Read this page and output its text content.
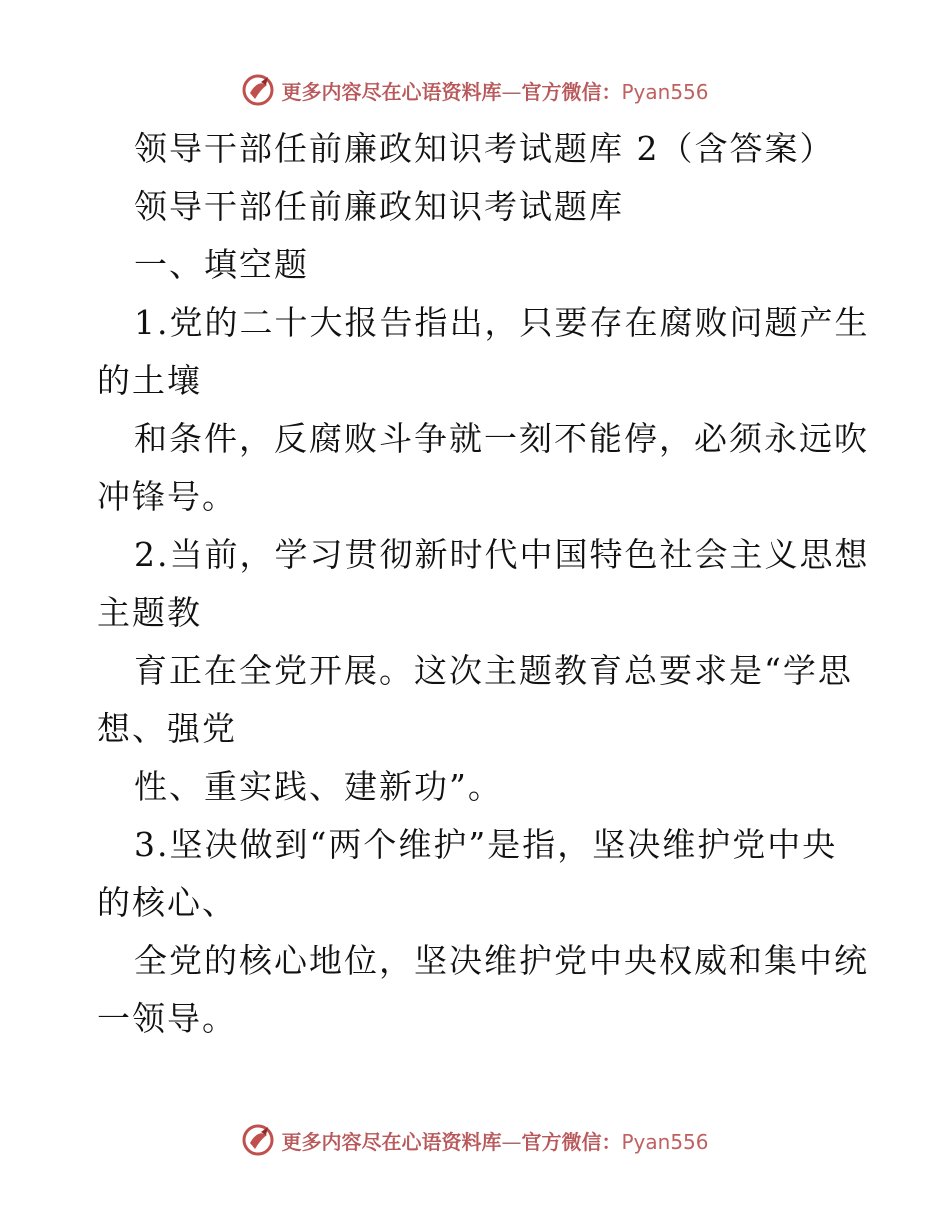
更多内容尽在心语资料库—官方微信：Pyan556
领导干部任前廉政知识考试题库 2（含答案）
领导干部任前廉政知识考试题库
一、填空题
1.党的二十大报告指出，只要存在腐败问题产生
的土壤
和条件，反腐败斗争就一刻不能停，必须永远吹
冲锋号。
2.当前，学习贯彻新时代中国特色社会主义思想
主题教
育正在全党开展。这次主题教育总要求是“学思
想、强党
性、重实践、建新功”。
3.坚决做到“两个维护”是指，坚决维护党中央
的核心、
全党的核心地位，坚决维护党中央权威和集中统
一领导。
更多内容尽在心语资料库—官方微信：Pyan556
